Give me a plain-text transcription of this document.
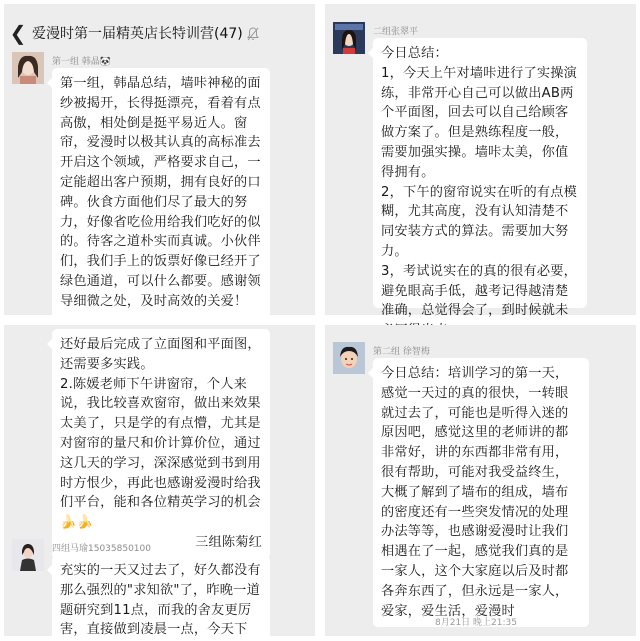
❮ 爱漫时第一届精英店长特训营(47)
第一组 韩晶🐼

第一组，韩晶总结，墙咔神秘的面纱被揭开，长得挺漂亮，看着有点高傲，相处倒是挺平易近人。窗帘，爱漫时以极其认真的高标准去开启这个领域，严格要求自己，一定能超出客户预期，拥有良好的口碑。伙食方面他们尽了最大的努力，好像省吃俭用给我们吃好的似的。待客之道朴实而真诚。小伙伴们，我们手上的饭票好像已经开了绿色通道，可以什么都要。感谢领导细微之处，及时高效的关爱！

二组张翠平

今日总结：
1，今天上午对墙咔进行了实操演练，非常开心自己可以做出AB两个平面图，回去可以自己给顾客做方案了。但是熟练程度一般，需要加强实操。墙咔太美，你值得拥有。
2，下午的窗帘说实在听的有点模糊，尤其高度，没有认知清楚不同安装方式的算法。需要加大努力。
3，考试说实在的真的很有必要，避免眼高手低，越考记得越清楚准确，总觉得会了，到时候就未

还好最后完成了立面图和平面图，还需要多实践。
2.陈媛老师下午讲窗帘，个人来说，我比较喜欢窗帘，做出来效果太美了，只是学的有点懵，尤其是对窗帘的量尺和价计算价位，通过这几天的学习，深深感觉到书到用时方恨少，再此也感谢爱漫时给我们平台，能和各位精英学习的机会🍌🍌

三组陈菊红

四组马瑜15035850100

充实的一天又过去了，好久都没有那么强烈的"求知欲"了，昨晚一道题研究到11点，而我的舍友更厉害，直接做到凌晨一点，今天下

第二组 徐智梅

今日总结：培训学习的第一天，感觉一天过的真的很快，一转眼就过去了，可能也是听得入迷的原因吧，感觉这里的老师讲的都非常好，讲的东西都非常有用，很有帮助，可能对我受益终生，大概了解到了墙布的组成，墙布的密度还有一些突发情况的处理办法等等，也感谢爱漫时让我们相遇在了一起，感觉我们真的是一家人，这个大家庭以后及时都各奔东西了，但永远是一家人，爱家，爱生活，爱漫时

8月21日 晚上21:35
